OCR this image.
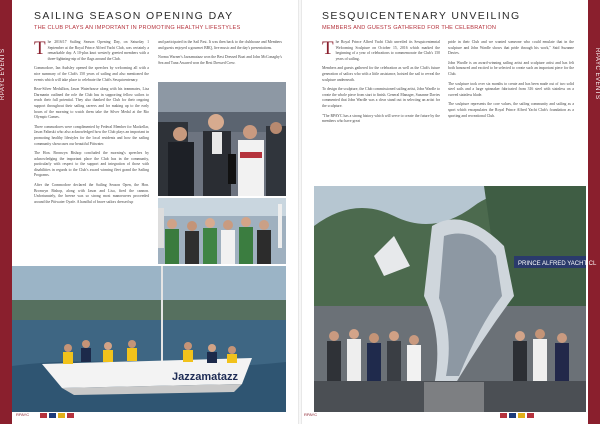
RPAYC EVENTS
SAILING SEASON OPENING DAY
THE CLUB PLAYS AN IMPORTANT IN PROMOTING HEALTHY LIFESTYLES

The 2016/17 Sailing Season Opening Day, on Saturday 1 September at the Royal Prince Alfred Yacht Club, was certainly a remarkable day. A 10-plus knot westerly greeted members with a three-lightning-nip of the flags around the Club.

Commodore, Ian Audsley opened the speeches by welcoming all with a nice summary of the Club's 150 years of sailing and also mentioned the events which will take place to celebrate the Club's Sesquicentenary.

Rear-Silver Medallion, Jason Waterhouse along with his teammates, Lisa Darmanin outlined the role the Club has in supporting fellow sailors to reach their full potential. They also thanked the Club for their ongoing support throughout their sailing careers and for making up to the early hours of the morning to watch them take the Silver Medal at the Rio Olympic Games.

Three commodores were complimented by Federal Member for Mackellar, Jason Falinski who also acknowledged how the Club plays an important in promoting healthy lifestyles for the local residents and how the sailing community showcases our beautiful Pittwater.

The Hon. Bronwyn Bishop concluded the morning's speeches by acknowledging the important place the Club has in the community, particularly with respect to the support and integration of those with disabilities in regards to the Club's award winning fleet grand the Sailing Programs.

After the Commodore declared the Sailing Season Open, the Hon. Bronwyn Bishop, along with Jason and Lisa, fired the cannon. Unfortunately, the breeze was so strong most manoeuvres proceeded around the Pittwater Oyafe. A handful of brave sailors dressed up

and participated in the Sail Past. It was then back to the clubhouse and Members and guests enjoyed a gourmet BBQ, live music and the day's presentations.

Norma Warner's Jazzamatazz won the Best Dressed Boat and John McConaghy's Sea and Tuna Assured won the Best Dressed Crew.

Jazzamatazz
RPAYC
RPAYC EVENTS
SESQUICENTENARY UNVEILING
MEMBERS AND GUESTS GATHERED FOR THE CELEBRATION

The Royal Prince Alfred Yacht Club unveiled its Sesquicentennial Welcoming Sculpture on October 15, 2016 which marked the beginning of a year of celebrations to commemorate the Club's 150 years of sailing.

Members and guests gathered for the celebration as well as the Club's future generation of sailors who with a little assistance, hoisted the sail to reveal the sculpture underneath.

To design the sculpture, the Club commissioned sailing artist, John Wardle to create the whole piece from start to finish. General Manager, Suzanne Davies commented that John Wardle was a clear stand out in selecting an artist for the sculpture.

"The RPAYC has a strong history which will serve to create the future by the members who have great

pride in their Club and we wanted someone who could emulate that in the sculpture and John Wardle shows that pride through his work," Said Suzanne Davies.

John Wardle is an award-winning sailing artist and sculpture artist and has felt both honoured and excited to be selected to create such an important piece for the Club.

The sculpture took over six months to create and has been made out of two solid steel sails and a large spinnaker fabricated from 316 steel with stainless on a curved stainless blade.

The sculpture represents the core values, the sailing community and sailing as a sport which encapsulates the Royal Prince Alfred Yacht Club's foundation as a sporting and recreational Club.

PRINCE ALFRED YACHT CL
RPAYC
